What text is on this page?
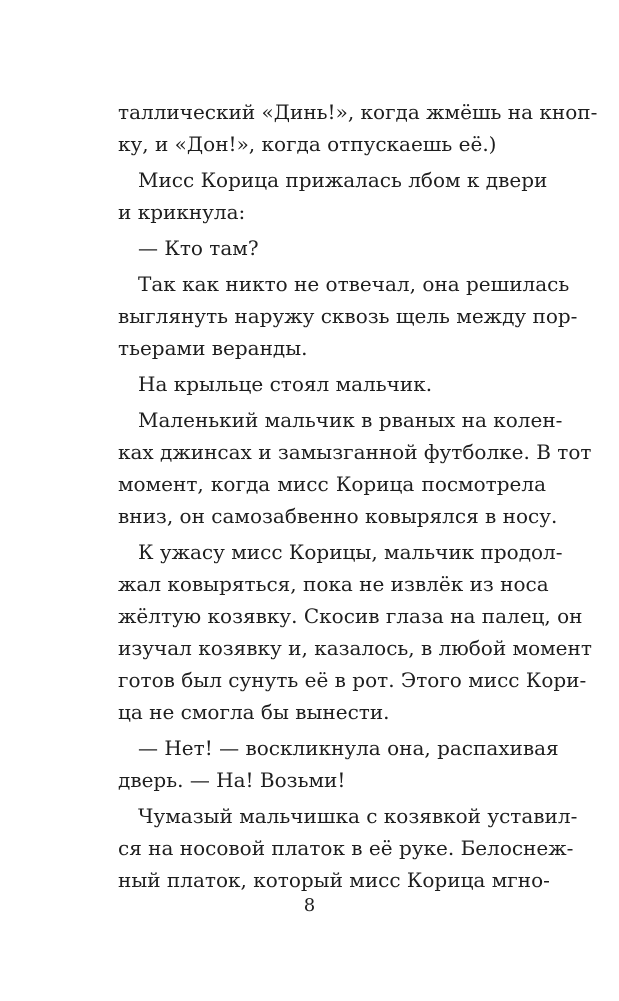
таллический «Динь!», когда жмёшь на кноп-
ку, и «Дон!», когда отпускаешь её.)
Мисс Корица прижалась лбом к двери
и крикнула:
— Кто там?
Так как никто не отвечал, она решилась
выглянуть наружу сквозь щель между пор-
тьерами веранды.
На крыльце стоял мальчик.
Маленький мальчик в рваных на колен-
ках джинсах и замызганной футболке. В тот
момент, когда мисс Корица посмотрела
вниз, он самозабвенно ковырялся в носу.
К ужасу мисс Корицы, мальчик продол-
жал ковыряться, пока не извлёк из носа
жёлтую козявку. Скосив глаза на палец, он
изучал козявку и, казалось, в любой момент
готов был сунуть её в рот. Этого мисс Кори-
ца не смогла бы вынести.
— Нет! — воскликнула она, распахивая
дверь. — На! Возьми!
Чумазый мальчишка с козявкой уставил-
ся на носовой платок в её руке. Белоснеж-
ный платок, который мисс Корица мгно-
8
